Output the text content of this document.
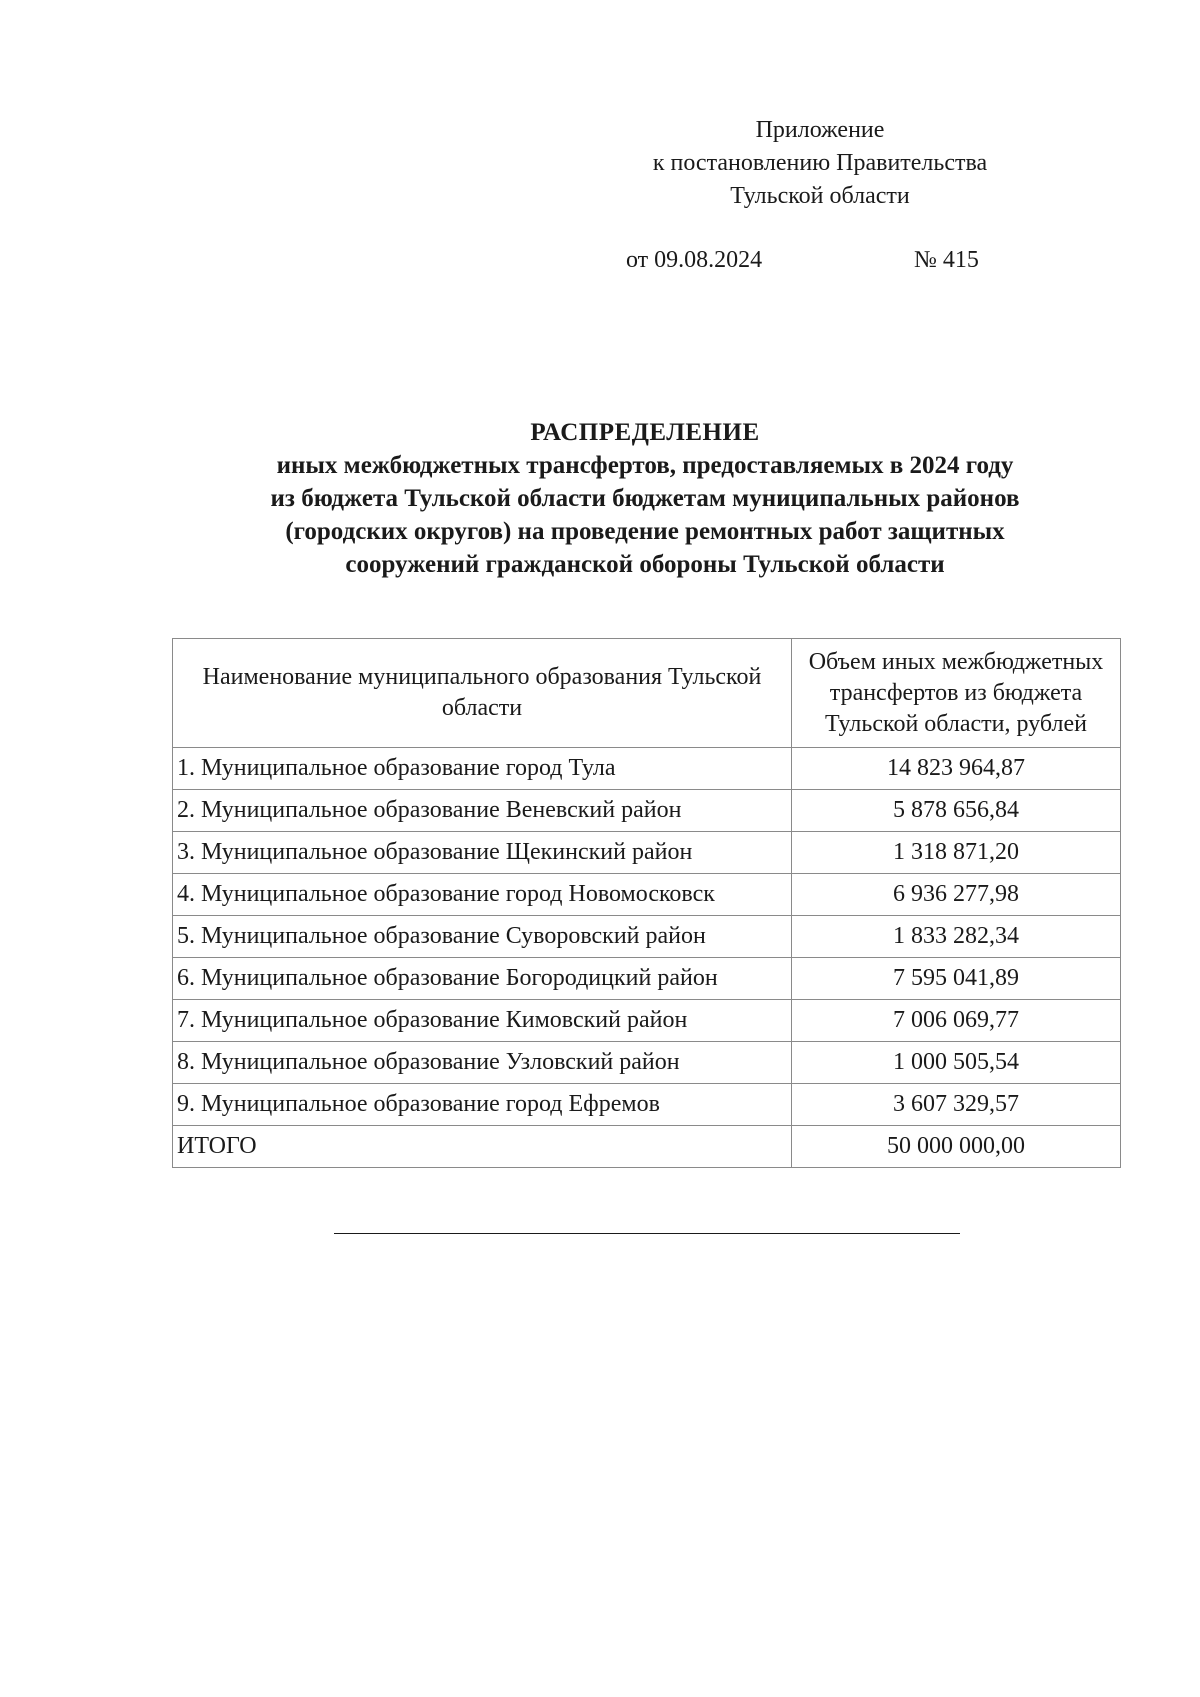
Приложение
к постановлению Правительства
Тульской области
от 09.08.2024	№ 415
РАСПРЕДЕЛЕНИЕ
иных межбюджетных трансфертов, предоставляемых в 2024 году
из бюджета Тульской области бюджетам муниципальных районов
(городских округов) на проведение ремонтных работ защитных
сооружений гражданской обороны Тульской области
Наименование муниципального образования Тульской области	Объем иных межбюджетных трансфертов из бюджета Тульской области, рублей
1. Муниципальное образование город Тула	14 823 964,87
2. Муниципальное образование Веневский район	5 878 656,84
3. Муниципальное образование Щекинский район	1 318 871,20
4. Муниципальное образование город Новомосковск	6 936 277,98
5. Муниципальное образование Суворовский район	1 833 282,34
6. Муниципальное образование Богородицкий район	7 595 041,89
7. Муниципальное образование Кимовский район	7 006 069,77
8. Муниципальное образование Узловский район	1 000 505,54
9. Муниципальное образование город Ефремов	3 607 329,57
ИТОГО	50 000 000,00
